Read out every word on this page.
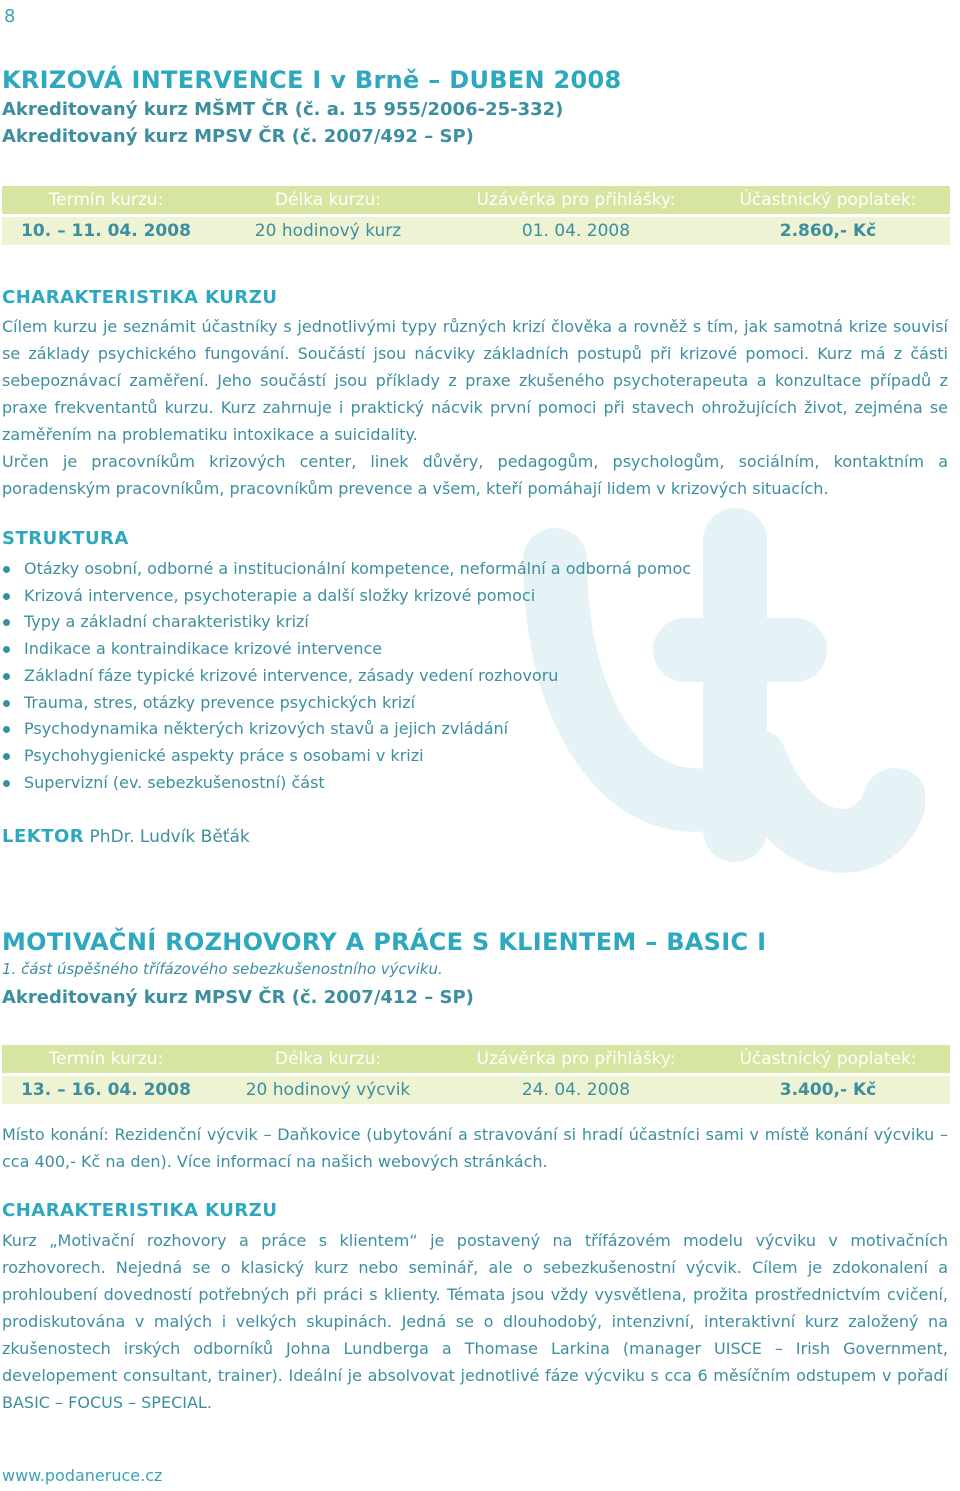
8
KRIZOVÁ INTERVENCE I v Brně – DUBEN 2008
Akreditovaný kurz MŠMT ČR (č. a. 15 955/2006-25-332)
Akreditovaný kurz MPSV ČR (č. 2007/492 – SP)
Termín kurzu:	Délka kurzu:	Uzávěrka pro přihlášky:	Účastnický poplatek:
10. – 11. 04. 2008	20 hodinový kurz	01. 04. 2008	2.860,- Kč
CHARAKTERISTIKA KURZU
Cílem kurzu je seznámit účastníky s jednotlivými typy různých krizí člověka a rovněž s tím, jak samotná krize souvisí se základy psychického fungování. Součástí jsou nácviky základních postupů při krizové pomoci. Kurz má z části sebepoznávací zaměření. Jeho součástí jsou příklady z praxe zkušeného psychoterapeuta a konzultace případů z praxe frekventantů kurzu. Kurz zahrnuje i praktický nácvik první pomoci při stavech ohrožujících život, zejména se zaměřením na problematiku intoxikace a suicidality.
Určen je pracovníkům krizových center, linek důvěry, pedagogům, psychologům, sociálním, kontaktním a poradenským pracovníkům, pracovníkům prevence a všem, kteří pomáhají lidem v krizových situacích.
STRUKTURA
Otázky osobní, odborné a institucionální kompetence, neformální a odborná pomoc
Krizová intervence, psychoterapie a další složky krizové pomoci
Typy a základní charakteristiky krizí
Indikace a kontraindikace krizové intervence
Základní fáze typické krizové intervence, zásady vedení rozhovoru
Trauma, stres, otázky prevence psychických krizí
Psychodynamika některých krizových stavů a jejich zvládání
Psychohygienické aspekty práce s osobami v krizi
Supervizní (ev. sebezkušenostní) část
LEKTOR PhDr. Ludvík Běťák
MOTIVAČNÍ ROZHOVORY A PRÁCE S KLIENTEM – BASIC I
1. část úspěšného třífázového sebezkušenostního výcviku.
Akreditovaný kurz MPSV ČR (č. 2007/412 – SP)
Termín kurzu:	Délka kurzu:	Uzávěrka pro přihlášky:	Účastnický poplatek:
13. – 16. 04. 2008	20 hodinový výcvik	24. 04. 2008	3.400,- Kč
Místo konání: Rezidenční výcvik – Daňkovice (ubytování a stravování si hradí účastníci sami v místě konání výcviku – cca 400,- Kč na den). Více informací na našich webových stránkách.
CHARAKTERISTIKA KURZU
Kurz „Motivační rozhovory a práce s klientem“ je postavený na třífázovém modelu výcviku v motivačních rozhovorech. Nejedná se o klasický kurz nebo seminář, ale o sebezkušenostní výcvik. Cílem je zdokonalení a prohloubení dovedností potřebných při práci s klienty. Témata jsou vždy vysvětlena, prožita prostřednictvím cvičení, prodiskutována v malých i velkých skupinách. Jedná se o dlouhodobý, intenzivní, interaktivní kurz založený na zkušenostech irských odborníků Johna Lundberga a Thomase Larkina (manager UISCE – Irish Government, developement consultant, trainer). Ideální je absolvovat jednotlivé fáze výcviku s cca 6 měsíčním odstupem v pořadí BASIC – FOCUS – SPECIAL.
www.podaneruce.cz
